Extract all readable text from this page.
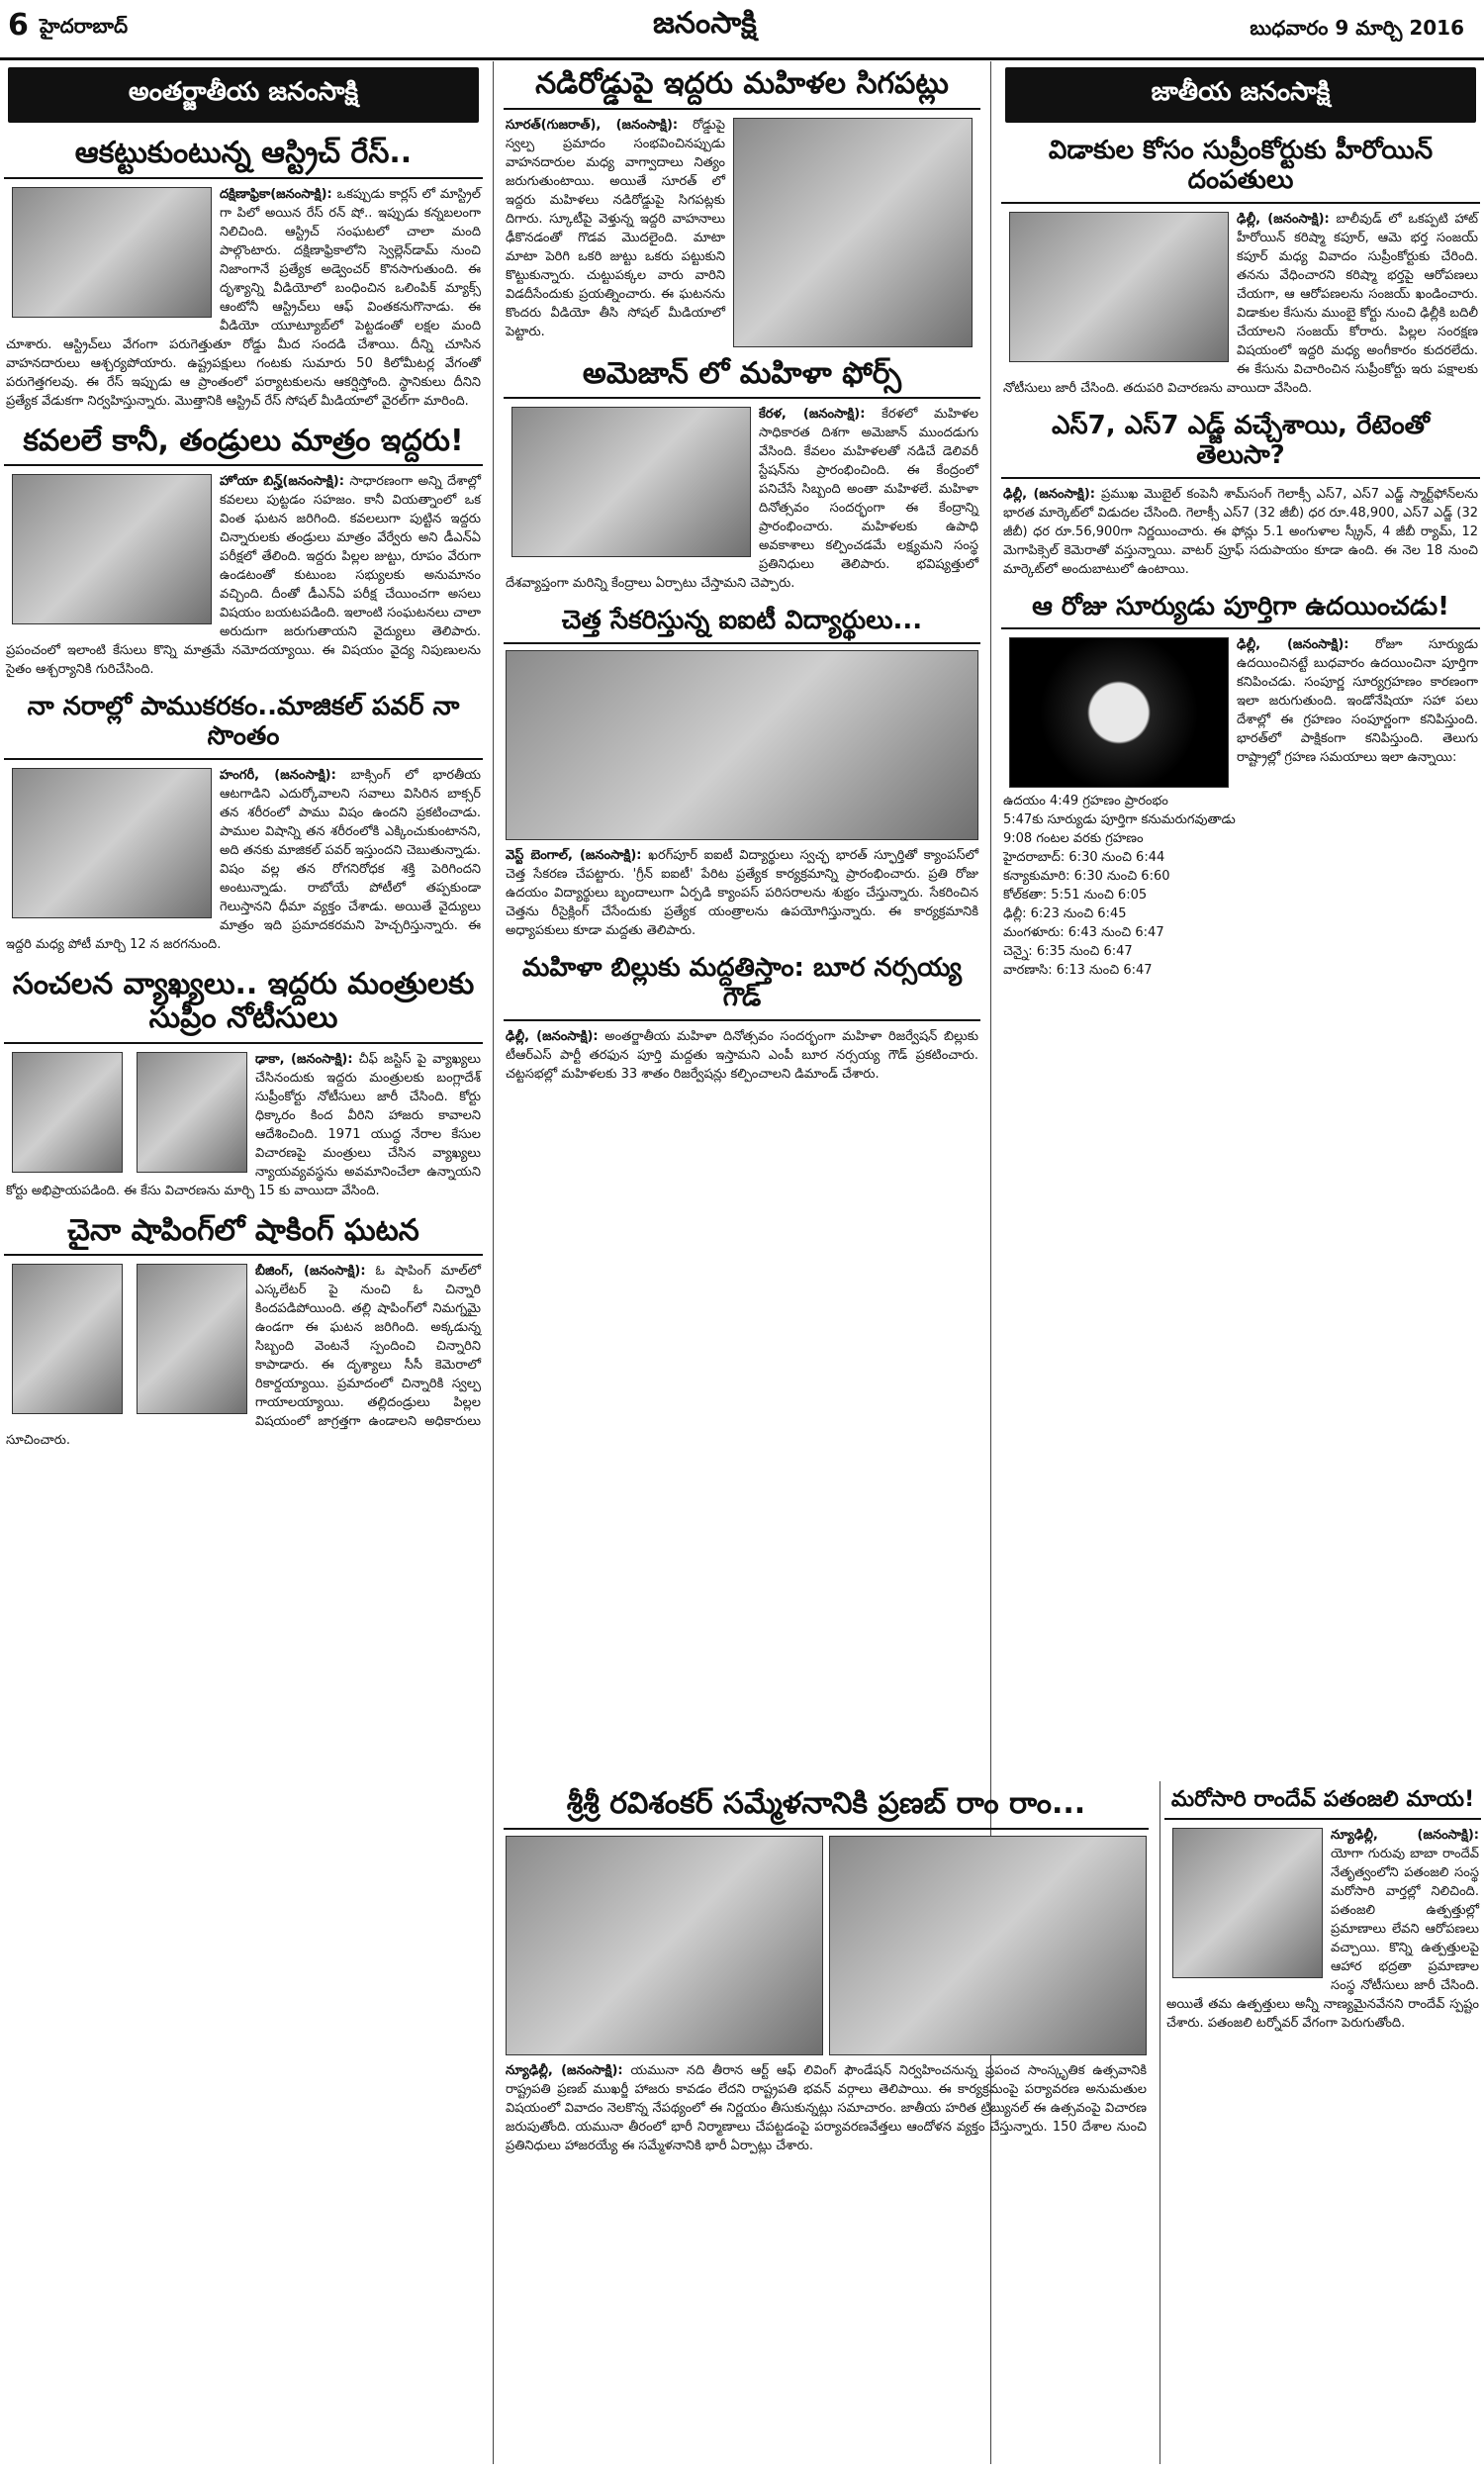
6 హైదరాబాద్	జనంసాక్షి	బుధవారం 9 మార్చి 2016
అంతర్జాతీయ జనంసాక్షి
ఆకట్టుకుంటున్న ఆస్ట్రిచ్ రేస్..
దక్షిణాఫ్రికా(జనంసాక్షి): ఒకప్పుడు కార్లస్ లో మాస్ట్రిల్ గా పిలో అయిన రేస్ రన్ షో.. ఇప్పుడు కన్నబలంగా నిలిచింది. ఆస్ట్రిచ్ సంఘటలో చాలా మంది పాల్గొంటారు. దక్షిణాఫ్రికాలోని స్వెల్లెన్‌డామ్ నుంచి నిజాంగానే ప్రత్యేక అడ్వెంచర్ కొనసాగుతుంది. ఈ దృశ్యాన్ని వీడియోలో బంధించిన ఒలింపిక్ మ్యాక్స్ ఆంటోనీ ఆస్ట్రిచ్‌లు ఆఫ్ వింతకనుగొనాడు. ఈ వీడియో యూట్యూబ్‌లో పెట్టడంతో లక్షల మంది చూశారు. ఆస్ట్రిచ్‌లు వేగంగా పరుగెత్తుతూ రోడ్డు మీద సందడి చేశాయి. దీన్ని చూసిన వాహనదారులు ఆశ్చర్యపోయారు. ఉష్ట్రపక్షులు గంటకు సుమారు 50 కిలోమీటర్ల వేగంతో పరుగెత్తగలవు. ఈ రేస్ ఇప్పుడు ఆ ప్రాంతంలో పర్యాటకులను ఆకర్షిస్తోంది. స్థానికులు దీనిని ప్రత్యేక వేడుకగా నిర్వహిస్తున్నారు. మొత్తానికి ఆస్ట్రిచ్ రేస్ సోషల్ మీడియాలో వైరల్‌గా మారింది.
కవలలే కానీ, తండ్రులు మాత్రం ఇద్దరు!
హోయా బిన్హ్(జనంసాక్షి): సాధారణంగా అన్ని దేశాల్లో కవలలు పుట్టడం సహజం. కానీ వియత్నాంలో ఒక వింత ఘటన జరిగింది. కవలలుగా పుట్టిన ఇద్దరు చిన్నారులకు తండ్రులు మాత్రం వేర్వేరు అని డీఎన్‌ఏ పరీక్షలో తేలింది. ఇద్దరు పిల్లల జుట్టు, రూపం వేరుగా ఉండటంతో కుటుంబ సభ్యులకు అనుమానం వచ్చింది. దీంతో డీఎన్‌ఏ పరీక్ష చేయించగా అసలు విషయం బయటపడింది. ఇలాంటి సంఘటనలు చాలా అరుదుగా జరుగుతాయని వైద్యులు తెలిపారు. ప్రపంచంలో ఇలాంటి కేసులు కొన్ని మాత్రమే నమోదయ్యాయి. ఈ విషయం వైద్య నిపుణులను సైతం ఆశ్చర్యానికి గురిచేసింది.
నా నరాల్లో పాముకరకం..మాజికల్ పవర్ నా సొంతం
హంగరీ, (జనంసాక్షి): బాక్సింగ్ లో భారతీయ ఆటగాడిని ఎదుర్కోవాలని సవాలు విసిరిన బాక్సర్ తన శరీరంలో పాము విషం ఉందని ప్రకటించాడు. పాముల విషాన్ని తన శరీరంలోకి ఎక్కించుకుంటానని, అది తనకు మాజికల్ పవర్ ఇస్తుందని చెబుతున్నాడు. విషం వల్ల తన రోగనిరోధక శక్తి పెరిగిందని అంటున్నాడు. రాబోయే పోటీలో తప్పకుండా గెలుస్తానని ధీమా వ్యక్తం చేశాడు. అయితే వైద్యులు మాత్రం ఇది ప్రమాదకరమని హెచ్చరిస్తున్నారు. ఈ ఇద్దరి మధ్య పోటీ మార్చి 12 న జరగనుంది.
సంచలన వ్యాఖ్యలు.. ఇద్దరు మంత్రులకు సుప్రీం నోటీసులు
ఢాకా, (జనంసాక్షి): చీఫ్ జస్టిస్ పై వ్యాఖ్యలు చేసినందుకు ఇద్దరు మంత్రులకు బంగ్లాదేశ్ సుప్రీంకోర్టు నోటీసులు జారీ చేసింది. కోర్టు ధిక్కారం కింద వీరిని హాజరు కావాలని ఆదేశించింది. 1971 యుద్ధ నేరాల కేసుల విచారణపై మంత్రులు చేసిన వ్యాఖ్యలు న్యాయవ్యవస్థను అవమానించేలా ఉన్నాయని కోర్టు అభిప్రాయపడింది. ఈ కేసు విచారణను మార్చి 15 కు వాయిదా వేసింది.
చైనా షాపింగ్‌లో షాకింగ్ ఘటన
బీజింగ్, (జనంసాక్షి): ఓ షాపింగ్ మాల్‌లో ఎస్కలేటర్ పై నుంచి ఓ చిన్నారి కిందపడిపోయింది. తల్లి షాపింగ్‌లో నిమగ్నమై ఉండగా ఈ ఘటన జరిగింది. అక్కడున్న సిబ్బంది వెంటనే స్పందించి చిన్నారిని కాపాడారు. ఈ దృశ్యాలు సీసీ కెమెరాలో రికార్డయ్యాయి. ప్రమాదంలో చిన్నారికి స్వల్ప గాయాలయ్యాయి. తల్లిదండ్రులు పిల్లల విషయంలో జాగ్రత్తగా ఉండాలని అధికారులు సూచించారు.
నడిరోడ్డుపై ఇద్దరు మహిళల సిగపట్లు
సూరత్(గుజరాత్), (జనంసాక్షి): రోడ్డుపై స్వల్ప ప్రమాదం సంభవించినప్పుడు వాహనదారుల మధ్య వాగ్వాదాలు నిత్యం జరుగుతుంటాయి. అయితే సూరత్ లో ఇద్దరు మహిళలు నడిరోడ్డుపై సిగపట్లకు దిగారు. స్కూటీపై వెళ్తున్న ఇద్దరి వాహనాలు ఢీకొనడంతో గొడవ మొదలైంది. మాటా మాటా పెరిగి ఒకరి జుట్టు ఒకరు పట్టుకుని కొట్టుకున్నారు. చుట్టుపక్కల వారు వారిని విడదీసేందుకు ప్రయత్నించారు. ఈ ఘటనను కొందరు వీడియో తీసి సోషల్ మీడియాలో పెట్టారు.
అమెజాన్ లో మహిళా ఫోర్స్
కేరళ, (జనంసాక్షి): కేరళలో మహిళల సాధికారత దిశగా అమెజాన్ ముందడుగు వేసింది. కేవలం మహిళలతో నడిచే డెలివరీ స్టేషన్‌ను ప్రారంభించింది. ఈ కేంద్రంలో పనిచేసే సిబ్బంది అంతా మహిళలే. మహిళా దినోత్సవం సందర్భంగా ఈ కేంద్రాన్ని ప్రారంభించారు. మహిళలకు ఉపాధి అవకాశాలు కల్పించడమే లక్ష్యమని సంస్థ ప్రతినిధులు తెలిపారు. భవిష్యత్తులో దేశవ్యాప్తంగా మరిన్ని కేంద్రాలు ఏర్పాటు చేస్తామని చెప్పారు.
చెత్త సేకరిస్తున్న ఐఐటీ విద్యార్థులు...
వెస్ట్ బెంగాల్, (జనంసాక్షి): ఖరగ్‌పూర్ ఐఐటీ విద్యార్థులు స్వచ్ఛ భారత్ స్ఫూర్తితో క్యాంపస్‌లో చెత్త సేకరణ చేపట్టారు. 'గ్రీన్ ఐఐటీ' పేరిట ప్రత్యేక కార్యక్రమాన్ని ప్రారంభించారు. ప్రతి రోజు ఉదయం విద్యార్థులు బృందాలుగా ఏర్పడి క్యాంపస్ పరిసరాలను శుభ్రం చేస్తున్నారు. సేకరించిన చెత్తను రీసైక్లింగ్ చేసేందుకు ప్రత్యేక యంత్రాలను ఉపయోగిస్తున్నారు. ఈ కార్యక్రమానికి అధ్యాపకులు కూడా మద్దతు తెలిపారు.
మహిళా బిల్లుకు మద్దతిస్తాం: బూర నర్సయ్య గౌడ్
ఢిల్లీ, (జనంసాక్షి): అంతర్జాతీయ మహిళా దినోత్సవం సందర్భంగా మహిళా రిజర్వేషన్ బిల్లుకు టీఆర్‌ఎస్ పార్టీ తరఫున పూర్తి మద్దతు ఇస్తామని ఎంపీ బూర నర్సయ్య గౌడ్ ప్రకటించారు. చట్టసభల్లో మహిళలకు 33 శాతం రిజర్వేషన్లు కల్పించాలని డిమాండ్ చేశారు.
జాతీయ జనంసాక్షి
విడాకుల కోసం సుప్రీంకోర్టుకు హీరోయిన్ దంపతులు
ఢిల్లీ, (జనంసాక్షి): బాలీవుడ్ లో ఒకప్పటి హాట్ హీరోయిన్ కరిష్మా కపూర్, ఆమె భర్త సంజయ్ కపూర్ మధ్య వివాదం సుప్రీంకోర్టుకు చేరింది. తనను వేధించారని కరిష్మా భర్తపై ఆరోపణలు చేయగా, ఆ ఆరోపణలను సంజయ్ ఖండించారు. విడాకుల కేసును ముంబై కోర్టు నుంచి ఢిల్లీకి బదిలీ చేయాలని సంజయ్ కోరారు. పిల్లల సంరక్షణ విషయంలో ఇద్దరి మధ్య అంగీకారం కుదరలేదు. ఈ కేసును విచారించిన సుప్రీంకోర్టు ఇరు పక్షాలకు నోటీసులు జారీ చేసింది. తదుపరి విచారణను వాయిదా వేసింది.
ఎస్7, ఎస్7 ఎడ్జ్ వచ్చేశాయి, రేటెంతో తెలుసా?
ఢిల్లీ, (జనంసాక్షి): ప్రముఖ మొబైల్ కంపెనీ శామ్‌సంగ్ గెలాక్సీ ఎస్7, ఎస్7 ఎడ్జ్ స్మార్ట్‌ఫోన్‌లను భారత మార్కెట్‌లో విడుదల చేసింది. గెలాక్సీ ఎస్7 (32 జీబీ) ధర రూ.48,900, ఎస్7 ఎడ్జ్ (32 జీబీ) ధర రూ.56,900గా నిర్ణయించారు. ఈ ఫోన్లు 5.1 అంగుళాల స్క్రీన్, 4 జీబీ ర్యామ్, 12 మెగాపిక్సెల్ కెమెరాతో వస్తున్నాయి. వాటర్ ప్రూఫ్ సదుపాయం కూడా ఉంది. ఈ నెల 18 నుంచి మార్కెట్‌లో అందుబాటులో ఉంటాయి.
ఆ రోజు సూర్యుడు పూర్తిగా ఉదయించడు!
ఢిల్లీ, (జనంసాక్షి): రోజూ సూర్యుడు ఉదయించినట్టే బుధవారం ఉదయించినా పూర్తిగా కనిపించడు. సంపూర్ణ సూర్యగ్రహణం కారణంగా ఇలా జరుగుతుంది. ఇండోనేషియా సహా పలు దేశాల్లో ఈ గ్రహణం సంపూర్ణంగా కనిపిస్తుంది. భారత్‌లో పాక్షికంగా కనిపిస్తుంది. తెలుగు రాష్ట్రాల్లో గ్రహణ సమయాలు ఇలా ఉన్నాయి:
ఉదయం 4:49 గ్రహణం ప్రారంభం
5:47కు సూర్యుడు పూర్తిగా కనుమరుగవుతాడు
9:08 గంటల వరకు గ్రహణం
హైదరాబాద్: 6:30 నుంచి 6:44
కన్యాకుమారి: 6:30 నుంచి 6:60
కోల్‌కతా: 5:51 నుంచి 6:05
ఢిల్లీ: 6:23 నుంచి 6:45
మంగళూరు: 6:43 నుంచి 6:47
చెన్నై: 6:35 నుంచి 6:47
వారణాసి: 6:13 నుంచి 6:47
శ్రీశ్రీ రవిశంకర్ సమ్మేళనానికి ప్రణబ్ రాం రాం...
న్యూఢిల్లీ, (జనంసాక్షి): యమునా నది తీరాన ఆర్ట్ ఆఫ్ లివింగ్ ఫౌండేషన్ నిర్వహించనున్న ప్రపంచ సాంస్కృతిక ఉత్సవానికి రాష్ట్రపతి ప్రణబ్ ముఖర్జీ హాజరు కావడం లేదని రాష్ట్రపతి భవన్ వర్గాలు తెలిపాయి. ఈ కార్యక్రమంపై పర్యావరణ అనుమతుల విషయంలో వివాదం నెలకొన్న నేపథ్యంలో ఈ నిర్ణయం తీసుకున్నట్లు సమాచారం. జాతీయ హరిత ట్రిబ్యునల్ ఈ ఉత్సవంపై విచారణ జరుపుతోంది. యమునా తీరంలో భారీ నిర్మాణాలు చేపట్టడంపై పర్యావరణవేత్తలు ఆందోళన వ్యక్తం చేస్తున్నారు. 150 దేశాల నుంచి ప్రతినిధులు హాజరయ్యే ఈ సమ్మేళనానికి భారీ ఏర్పాట్లు చేశారు.
మరోసారి రాందేవ్ పతంజలి మాయ!
న్యూఢిల్లీ, (జనంసాక్షి): యోగా గురువు బాబా రాందేవ్ నేతృత్వంలోని పతంజలి సంస్థ మరోసారి వార్తల్లో నిలిచింది. పతంజలి ఉత్పత్తుల్లో ప్రమాణాలు లేవని ఆరోపణలు వచ్చాయి. కొన్ని ఉత్పత్తులపై ఆహార భద్రతా ప్రమాణాల సంస్థ నోటీసులు జారీ చేసింది. అయితే తమ ఉత్పత్తులు అన్నీ నాణ్యమైనవేనని రాందేవ్ స్పష్టం చేశారు. పతంజలి టర్నోవర్ వేగంగా పెరుగుతోంది.
